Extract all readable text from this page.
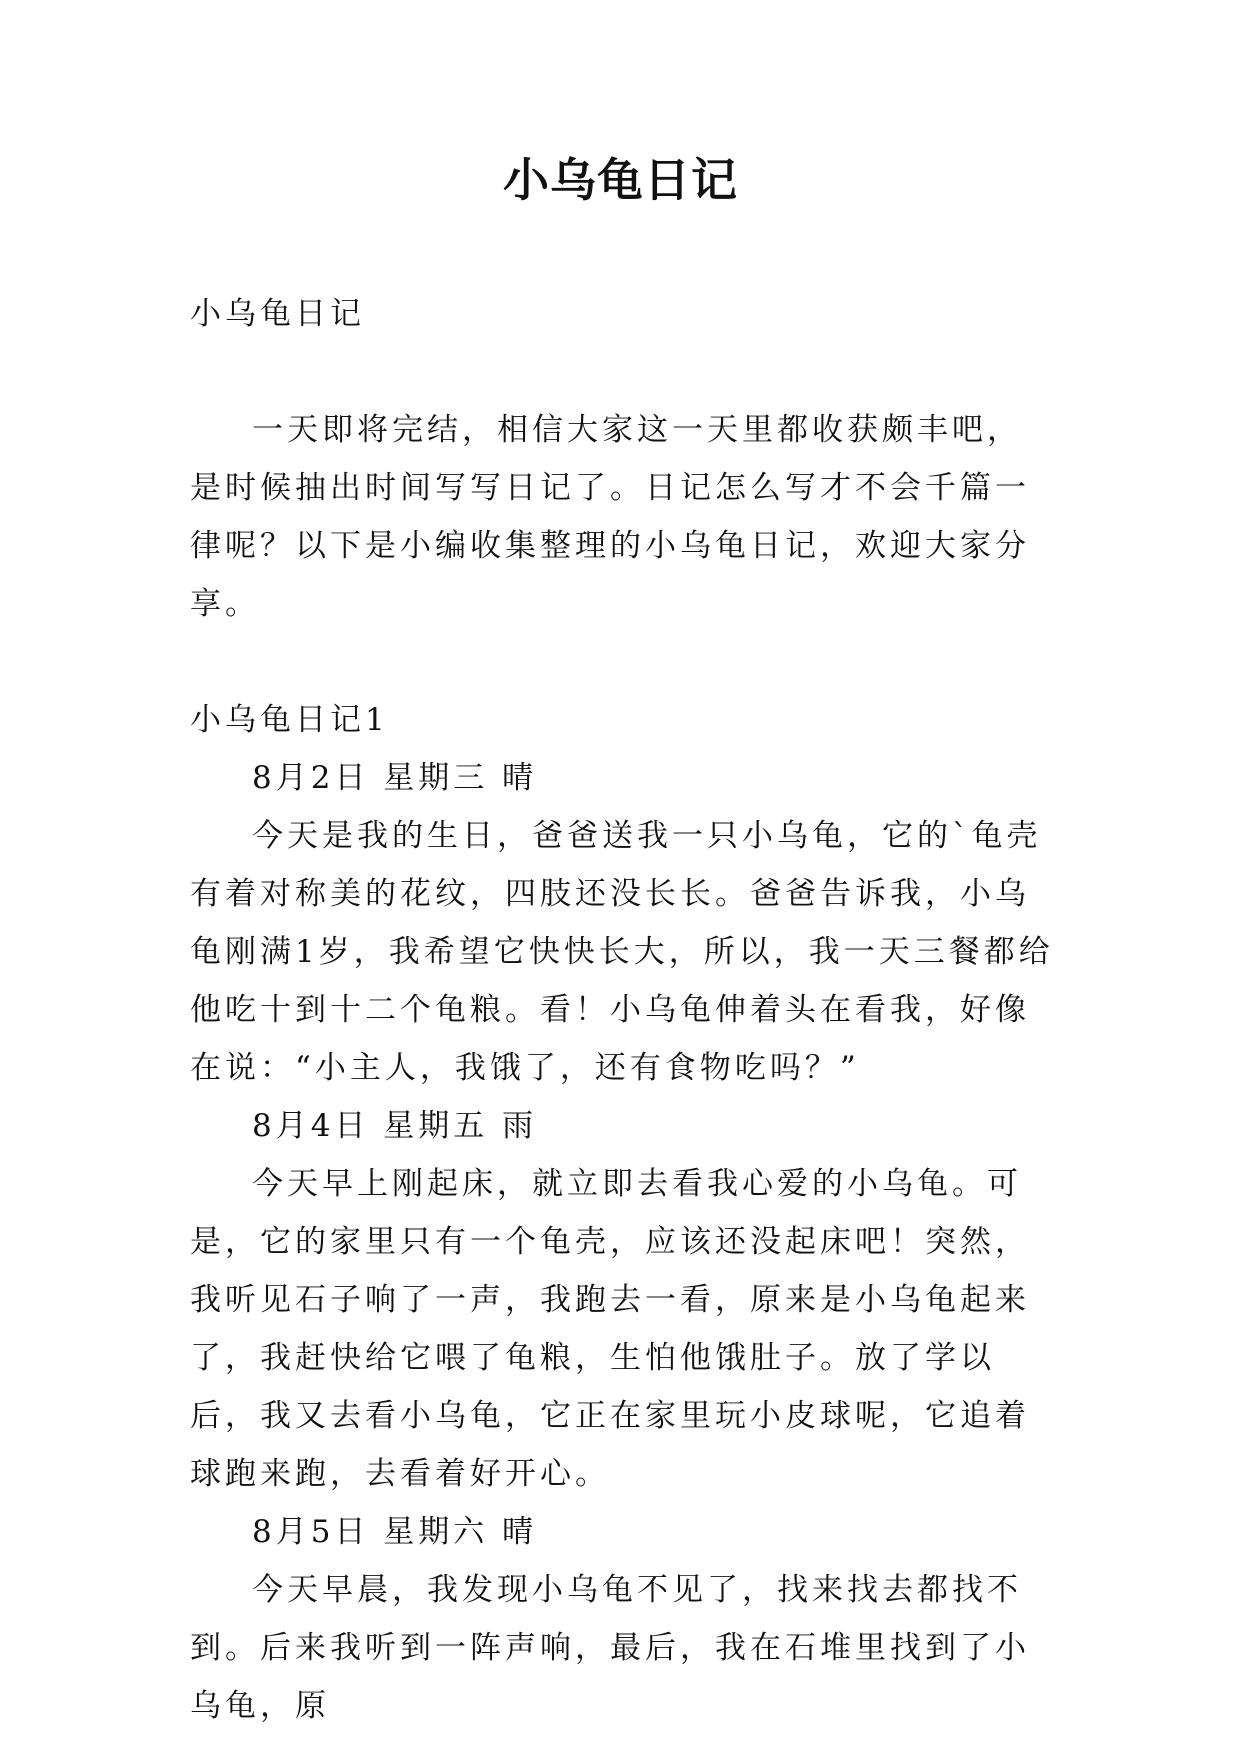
小乌龟日记

小乌龟日记

一天即将完结，相信大家这一天里都收获颇丰吧，是时候抽出时间写写日记了。日记怎么写才不会千篇一律呢？以下是小编收集整理的小乌龟日记，欢迎大家分享。

小乌龟日记1

8月2日 星期三 晴

今天是我的生日，爸爸送我一只小乌龟，它的`龟壳有着对称美的花纹，四肢还没长长。爸爸告诉我，小乌龟刚满1岁，我希望它快快长大，所以，我一天三餐都给他吃十到十二个龟粮。看！小乌龟伸着头在看我，好像在说：“小主人，我饿了，还有食物吃吗？”

8月4日 星期五 雨

今天早上刚起床，就立即去看我心爱的小乌龟。可是，它的家里只有一个龟壳，应该还没起床吧！突然，我听见石子响了一声，我跑去一看，原来是小乌龟起来了，我赶快给它喂了龟粮，生怕他饿肚子。放了学以后，我又去看小乌龟，它正在家里玩小皮球呢，它追着球跑来跑，去看着好开心。

8月5日 星期六 晴

今天早晨，我发现小乌龟不见了，找来找去都找不到。后来我听到一阵声响，最后，我在石堆里找到了小乌龟，原
